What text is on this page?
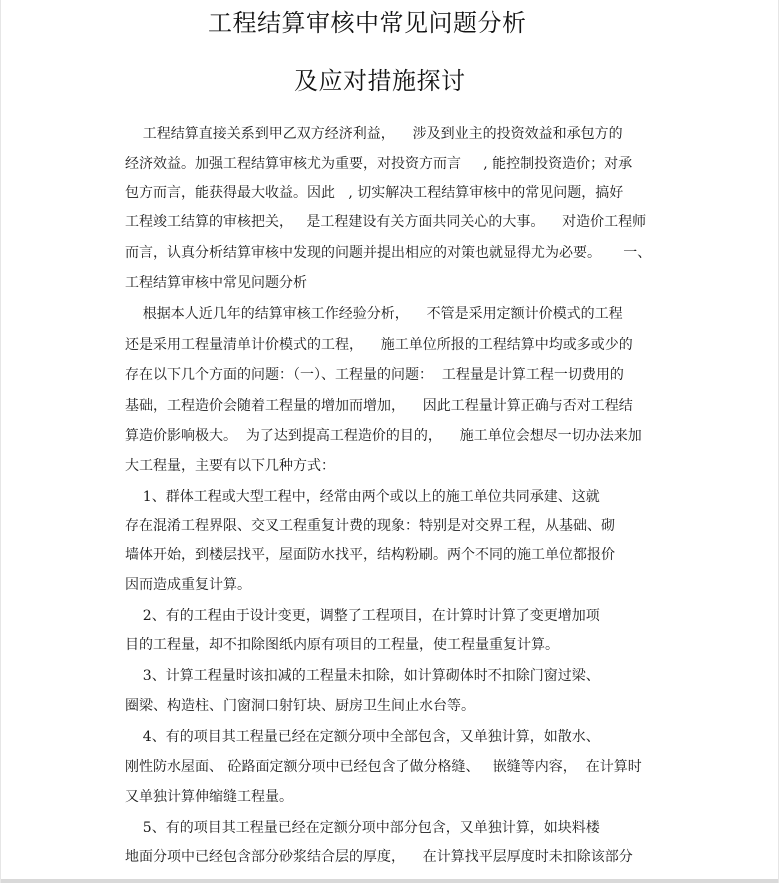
工程结算审核中常见问题分析
及应对措施探讨
工程结算直接关系到甲乙双方经济利益，    涉及到业主的投资效益和承包方的
经济效益。加强工程结算审核尤为重要，对投资方而言     , 能控制投资造价；对承
包方而言，能获得最大收益。因此   , 切实解决工程结算审核中的常见问题，搞好
工程竣工结算的审核把关，   是工程建设有关方面共同关心的大事。    对造价工程师
而言，认真分析结算审核中发现的问题并提出相应的对策也就显得尤为必要。     一、
工程结算审核中常见问题分析
根据本人近几年的结算审核工作经验分析，    不管是采用定额计价模式的工程
还是采用工程量清单计价模式的工程，    施工单位所报的工程结算中均或多或少的
存在以下几个方面的问题：（一）、工程量的问题：  工程量是计算工程一切费用的
基础，工程造价会随着工程量的增加而增加，    因此工程量计算正确与否对工程结
算造价影响极大。  为了达到提高工程造价的目的，    施工单位会想尽一切办法来加
大工程量，主要有以下几种方式：
1、群体工程或大型工程中，经常由两个或以上的施工单位共同承建、这就
存在混淆工程界限、交叉工程重复计费的现象：特别是对交界工程，从基础、砌
墙体开始，到楼层找平，屋面防水找平，结构粉刷。两个不同的施工单位都报价
因而造成重复计算。
2、有的工程由于设计变更，调整了工程项目，在计算时计算了变更增加项
目的工程量，却不扣除图纸内原有项目的工程量，使工程量重复计算。
3、计算工程量时该扣减的工程量未扣除，如计算砌体时不扣除门窗过梁、
圈梁、构造柱、门窗洞口射钉块、厨房卫生间止水台等。
4、有的项目其工程量已经在定额分项中全部包含，又单独计算，如散水、
刚性防水屋面、 砼路面定额分项中已经包含了做分格缝、   嵌缝等内容，  在计算时
又单独计算伸缩缝工程量。
5、有的项目其工程量已经在定额分项中部分包含，又单独计算，如块料楼
地面分项中已经包含部分砂浆结合层的厚度，    在计算找平层厚度时未扣除该部分
